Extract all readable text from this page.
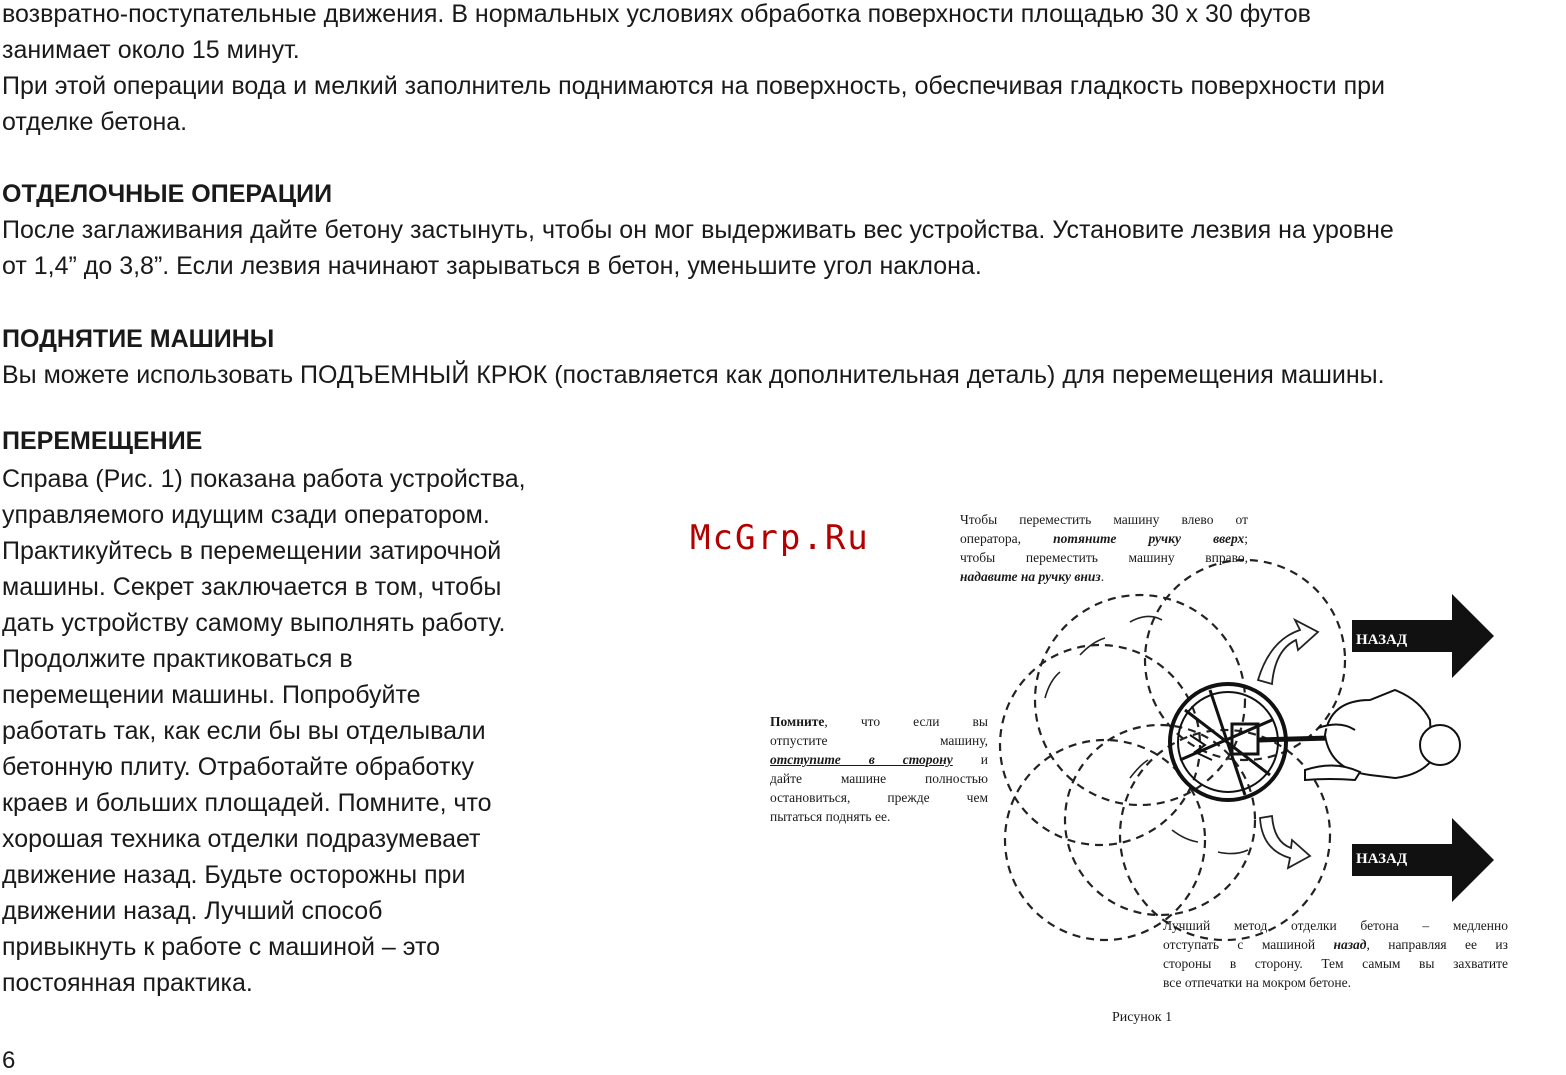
возвратно-поступательные движения. В нормальных условиях обработка поверхности площадью 30 х 30 футов

занимает около 15 минут.

При этой операции вода и мелкий заполнитель поднимаются на поверхность, обеспечивая гладкость поверхности при

отделке бетона.

ОТДЕЛОЧНЫЕ ОПЕРАЦИИ

После заглаживания дайте бетону застынуть, чтобы он мог выдерживать вес устройства. Установите лезвия на уровне

от 1,4” до 3,8”. Если лезвия начинают зарываться в бетон, уменьшите угол наклона.

ПОДНЯТИЕ МАШИНЫ

Вы можете использовать ПОДЪЕМНЫЙ КРЮК (поставляется как дополнительная деталь) для перемещения машины.

ПЕРЕМЕЩЕНИЕ
Справа (Рис. 1) показана работа устройства,
управляемого идущим сзади оператором.
Практикуйтесь в перемещении затирочной
машины. Секрет заключается в том, чтобы
дать устройству самому выполнять работу.
Продолжите практиковаться в
перемещении машины. Попробуйте
работать так, как если бы вы отделывали
бетонную плиту. Отработайте обработку
краев и больших площадей. Помните, что
хорошая техника отделки подразумевает
движение назад. Будьте осторожны при
движении назад. Лучший способ
привыкнуть к работе с машиной – это
постоянная практика.
НАЗАД
НАЗАД
McGrp.Ru	Чтобы переместить машину влево от
оператора, потяните ручку вверх;
чтобы переместить машину вправо,
надавите на ручку вниз.
Помните, что если вы
отпустите машину,
отступите в сторону и
дайте машине полностью
остановиться, прежде чем
пытаться поднять ее.
Лучший метод отделки бетона – медленно
отступать с машиной назад, направляя ее из
стороны в сторону. Тем самым вы захватите
все отпечатки на мокром бетоне.
Рисунок 1
6
